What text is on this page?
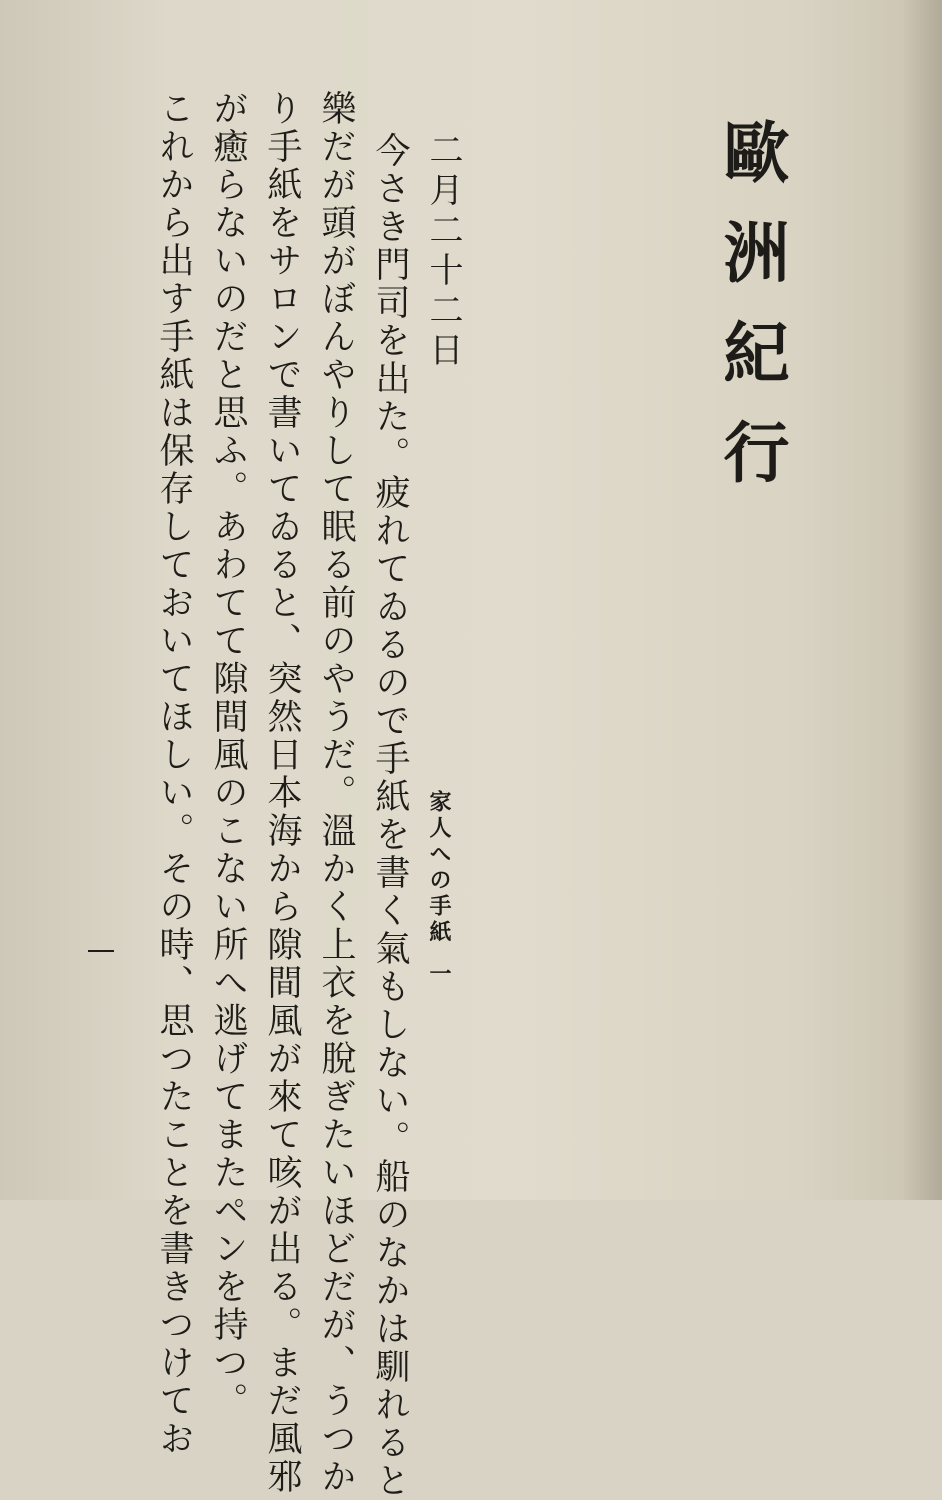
歐洲紀行
二月二十二日
今さき門司を出た。疲れてゐるので手紙を書く氣もしない。船のなかは馴れると
樂だが頭がぼんやりして眠る前のやうだ。溫かく上衣を脫ぎたいほどだが、うつか
り手紙をサロンで書いてゐると、突然日本海から隙間風が來て咳が出る。まだ風邪
が癒らないのだと思ふ。あわてて隙間風のこない所へ逃げてまたペンを持つ。
これから出す手紙は保存しておいてほしい。その時、思つたことを書きつけてお	家人への手紙一
